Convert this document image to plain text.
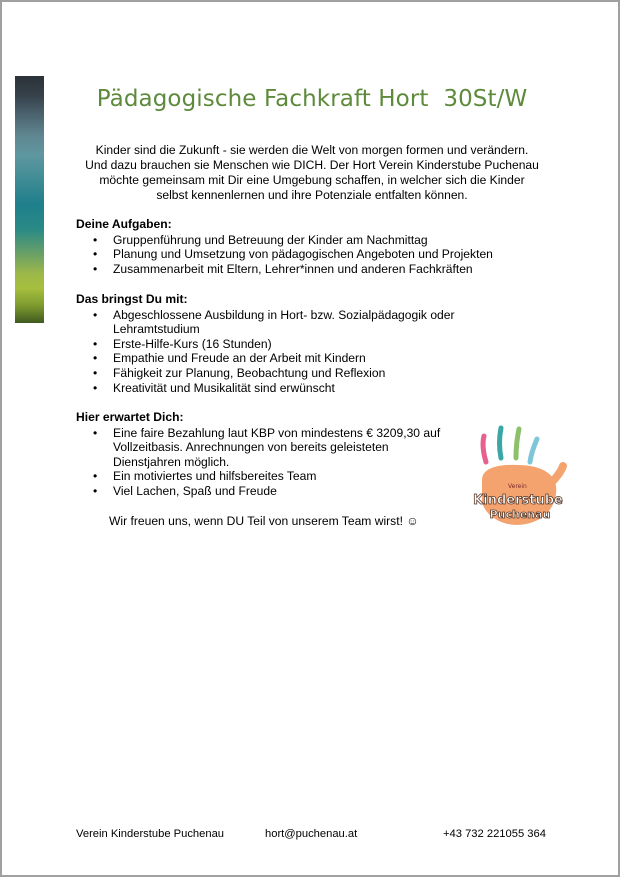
Pädagogische Fachkraft Hort  30St/W
Kinder sind die Zukunft - sie werden die Welt von morgen formen und verändern.
Und dazu brauchen sie Menschen wie DICH. Der Hort Verein Kinderstube Puchenau
möchte gemeinsam mit Dir eine Umgebung schaffen, in welcher sich die Kinder
selbst kennenlernen und ihre Potenziale entfalten können.
Deine Aufgaben:
• Gruppenführung und Betreuung der Kinder am Nachmittag
• Planung und Umsetzung von pädagogischen Angeboten und Projekten
• Zusammenarbeit mit Eltern, Lehrer*innen und anderen Fachkräften
Das bringst Du mit:
• Abgeschlossene Ausbildung in Hort- bzw. Sozialpädagogik oder Lehramtstudium
• Erste-Hilfe-Kurs (16 Stunden)
• Empathie und Freude an der Arbeit mit Kindern
• Fähigkeit zur Planung, Beobachtung und Reflexion
• Kreativität und Musikalität sind erwünscht
Hier erwartet Dich:
• Eine faire Bezahlung laut KBP von mindestens € 3209,30 auf Vollzeitbasis. Anrechnungen von bereits geleisteten Dienstjahren möglich.
• Ein motiviertes und hilfsbereites Team
• Viel Lachen, Spaß und Freude
Wir freuen uns, wenn DU Teil von unserem Team wirst! ☺
Verein
Kinderstube
Puchenau
Verein Kinderstube Puchenau	hort@puchenau.at	+43 732 221055 364
